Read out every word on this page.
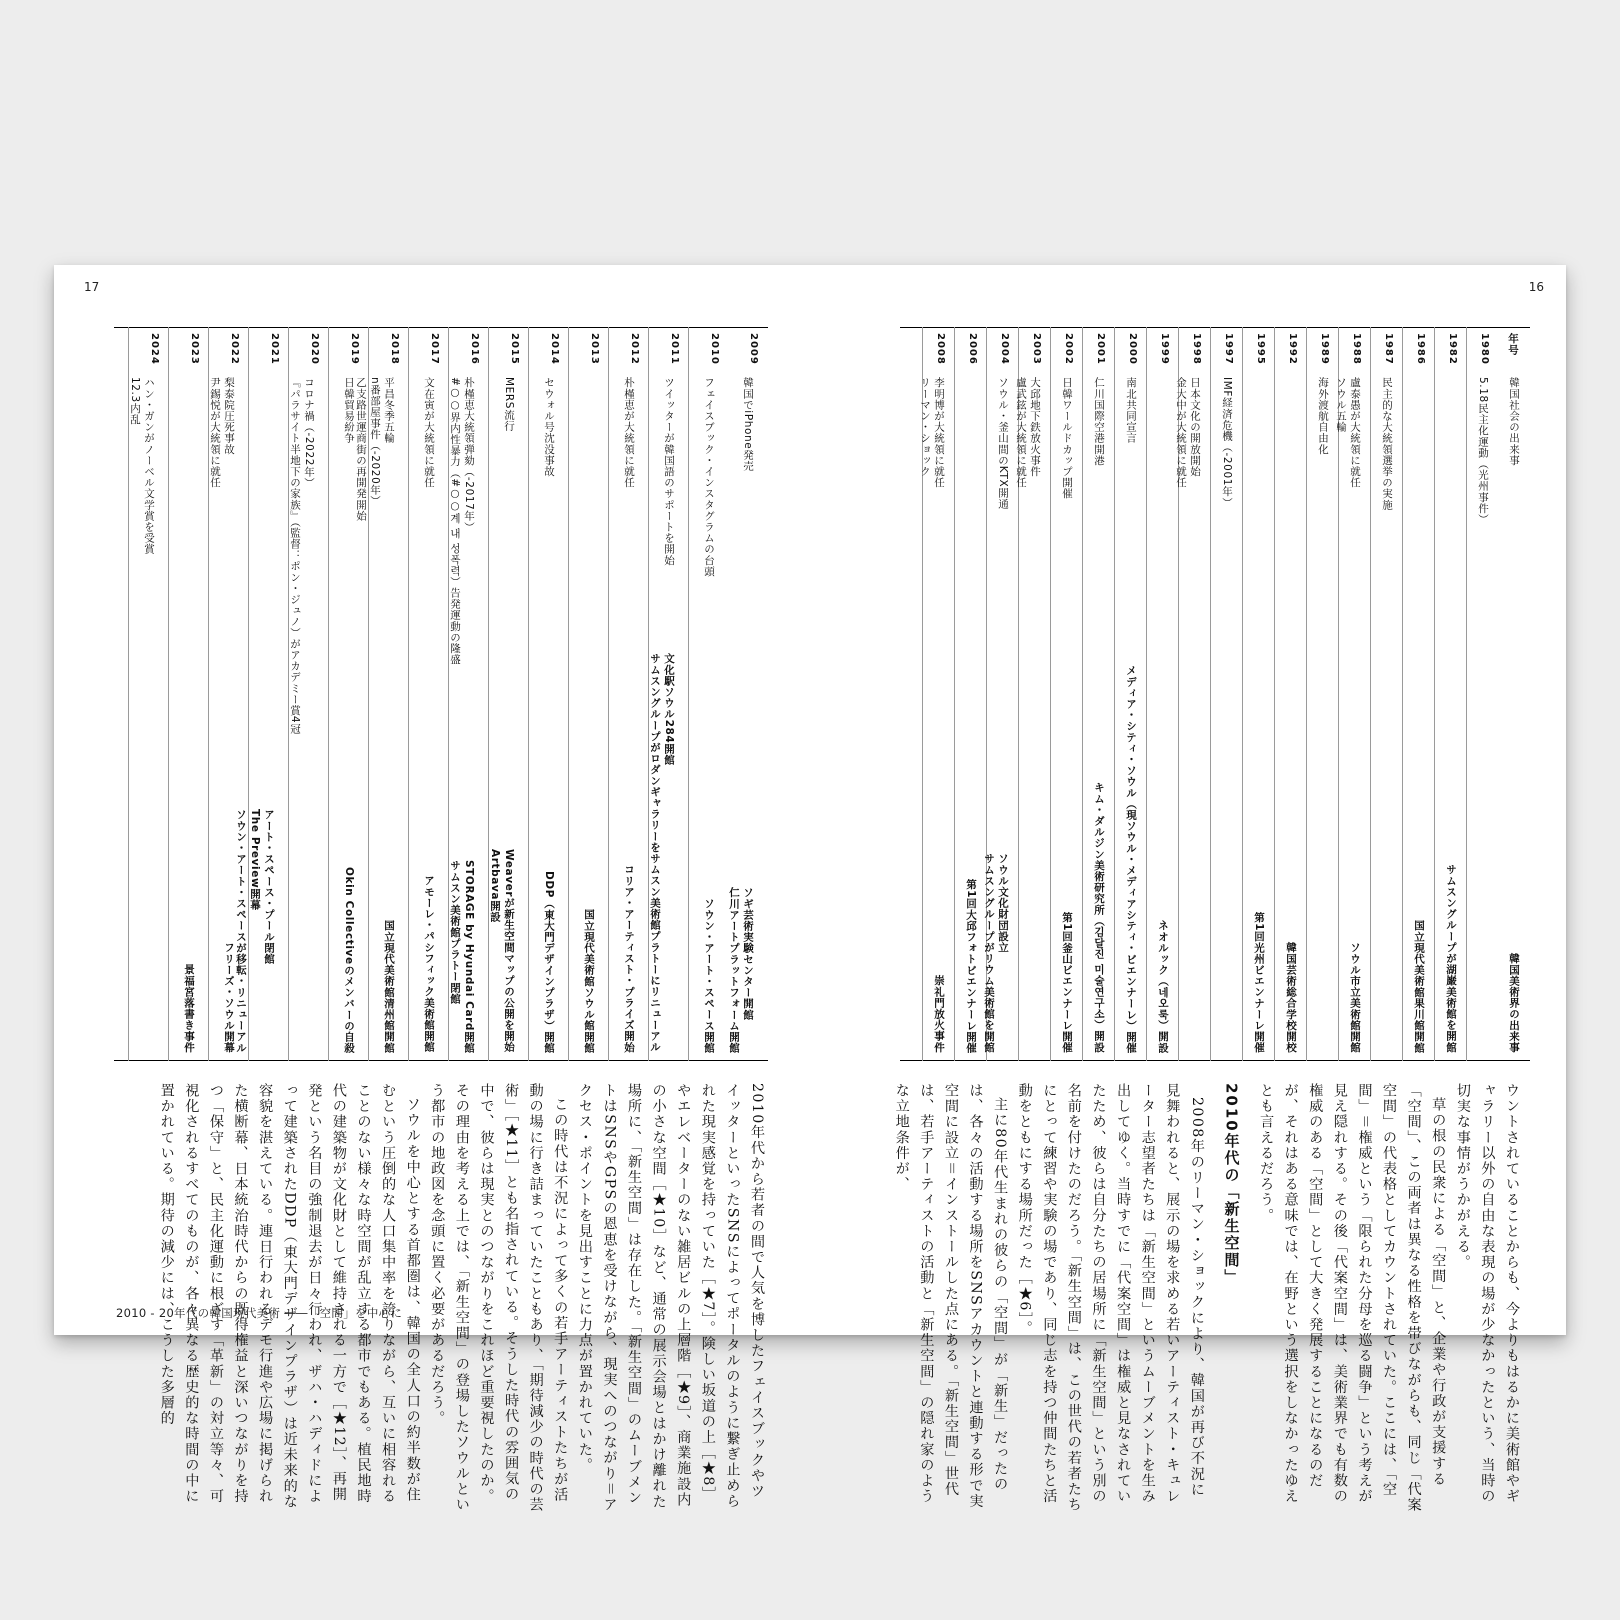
17	16
年号
韓国社会の出来事
韓国美術界の出来事
1980
5.18民主化運動（光州事件）
1982
サムスングループが湖巌美術館を開館
1986
国立現代美術館果川館開館
1987
民主的な大統領選挙の実施
1988
盧泰愚が大統領に就任
ソウル五輪
ソウル市立美術館開館
1989
海外渡航自由化
1992
韓国芸術総合学校開校
1995
第1回光州ビエンナーレ開催
1997
IMF経済危機（-2001年）
1998
日本文化の開放開始
金大中が大統領に就任
1999
ネオルック（네오룩）開設
2000
南北共同宣言
メディア・シティ・ソウル（現ソウル・メディアシティ・ビエンナーレ）開催
2001
仁川国際空港開港
キム・ダルジン美術研究所（김달진 미술연구소）開設
2002
日韓ワールドカップ開催
第1回釜山ビエンナーレ開催
2003
大邱地下鉄放火事件
盧武鉉が大統領に就任
2004
ソウル・釜山間のKTX開通
ソウル文化財団設立
サムスングループがリウム美術館を開館
2006
第1回大邱フォトビエンナーレ開催
2008
李明博が大統領に就任
リーマン・ショック
崇礼門放火事件
2009
韓国でiPhone発売
ソギ芸術実験センター開館
仁川アートプラットフォーム開館
2010
フェイスブック・インスタグラムの台頭
ソウン・アート・スペース開館
2011
ツイッターが韓国語のサポートを開始
文化駅ソウル284開館
サムスングループがロダンギャラリーをサムスン美術館プラトーにリニューアル
2012
朴槿恵が大統領に就任
コリア・アーティスト・プライズ開始
2013
国立現代美術館ソウル館開館
2014
セウォル号沈没事故
DDP（東大門デザインプラザ）開館
2015
MERS流行
Weaverが新生空間マップの公開を開始
Artbava開設
2016
朴槿恵大統領弾劾（-2017年）
#○○界内性暴力（#○○계 내 성폭력）告発運動の隆盛
STORAGE by Hyundai Card開館
サムスン美術館プラトー閉館
2017
文在寅が大統領に就任
アモーレ・パシフィック美術館開館
2018
平昌冬季五輪
n番部屋事件（-2020年）
乙支路世運商街の再開発開始
国立現代美術館清州館開館
2019
日韓貿易紛争
Okin Collectiveのメンバーの自殺
2020
コロナ禍（-2022年）
『パラサイト半地下の家族』（監督：ポン・ジュノ）がアカデミー賞4冠
2021
アート・スペース・プール閉館
The Preview開幕
ソウン・アート・スペースが移転・リニューアル
2022
梨泰院圧死事故
尹錫悦が大統領に就任
フリーズ・ソウル開幕
2023
景福宮落書き事件
2024
ハン・ガンがノーベル文学賞を受賞
12.3内乱

ウントされていることからも、今よりもはるかに美術館やギャラリー以外の自由な表現の場が少なかったという、当時の切実な事情がうかがえる。

草の根の民衆による「空間」と、企業や行政が支援する「空間」、この両者は異なる性格を帯びながらも、同じ「代案空間」の代表格としてカウントされていた。ここには、「空間」＝権威という「限られた分母を巡る闘争」という考えが見え隠れする。その後「代案空間」は、美術業界でも有数の権威のある「空間」として大きく発展することになるのだが、それはある意味では、在野という選択をしなかったゆえとも言えるだろう。

2010年代の「新生空間」

2008年のリーマン・ショックにより、韓国が再び不況に見舞われると、展示の場を求める若いアーティスト・キュレーター志望者たちは「新生空間」というムーブメントを生み出してゆく。当時すでに「代案空間」は権威と見なされていたため、彼らは自分たちの居場所に「新生空間」という別の名前を付けたのだろう。「新生空間」は、この世代の若者たちにとって練習や実験の場であり、同じ志を持つ仲間たちと活動をともにする場所だった［★6］。

主に80年代生まれの彼らの「空間」が「新生」だったのは、各々の活動する場所をSNSアカウントと連動する形で実空間に設立＝インストールした点にある。「新生空間」世代は、若手アーティストの活動と「新生空間」の隠れ家のような立地条件が、

2010年代から若者の間で人気を博したフェイスブックやツイッターといったSNSによってポータルのように繋ぎ止められた現実感覚を持っていた［★7］。険しい坂道の上［★8］やエレベーターのない雑居ビルの上層階［★9］、商業施設内の小さな空間［★10］など、通常の展示会場とはかけ離れた場所に、「新生空間」は存在した。「新生空間」のムーブメントはSNSやGPSの恩恵を受けながら、現実へのつながり＝アクセス・ポイントを見出すことに力点が置かれていた。

この時代は不況によって多くの若手アーティストたちが活動の場に行き詰まっていたこともあり、「期待減少の時代の芸術」［★11］とも名指されている。そうした時代の雰囲気の中で、彼らは現実とのつながりをこれほど重要視したのか。その理由を考える上では、「新生空間」の登場したソウルという都市の地政図を念頭に置く必要があるだろう。

ソウルを中心とする首都圏は、韓国の全人口の約半数が住むという圧倒的な人口集中率を誇りながら、互いに相容れることのない様々な時空間が乱立する都市でもある。植民地時代の建築物が文化財として維持される一方で［★12］、再開発という名目の強制退去が日々行われ、ザハ・ハディドによって建築されたDDP（東大門デザインプラザ）は近未来的な容貌を湛えている。連日行われるデモ行進や広場に掲げられた横断幕、日本統治時代からの既得権益と深いつながりを持つ「保守」と、民主化運動に根ざす「革新」の対立等々、可視化されるすべてのものが、各々異なる歴史的な時間の中に置かれている。期待の減少には、こうした多層的

2010 - 20年代の韓国現代美術 ――「空間」を中心に
